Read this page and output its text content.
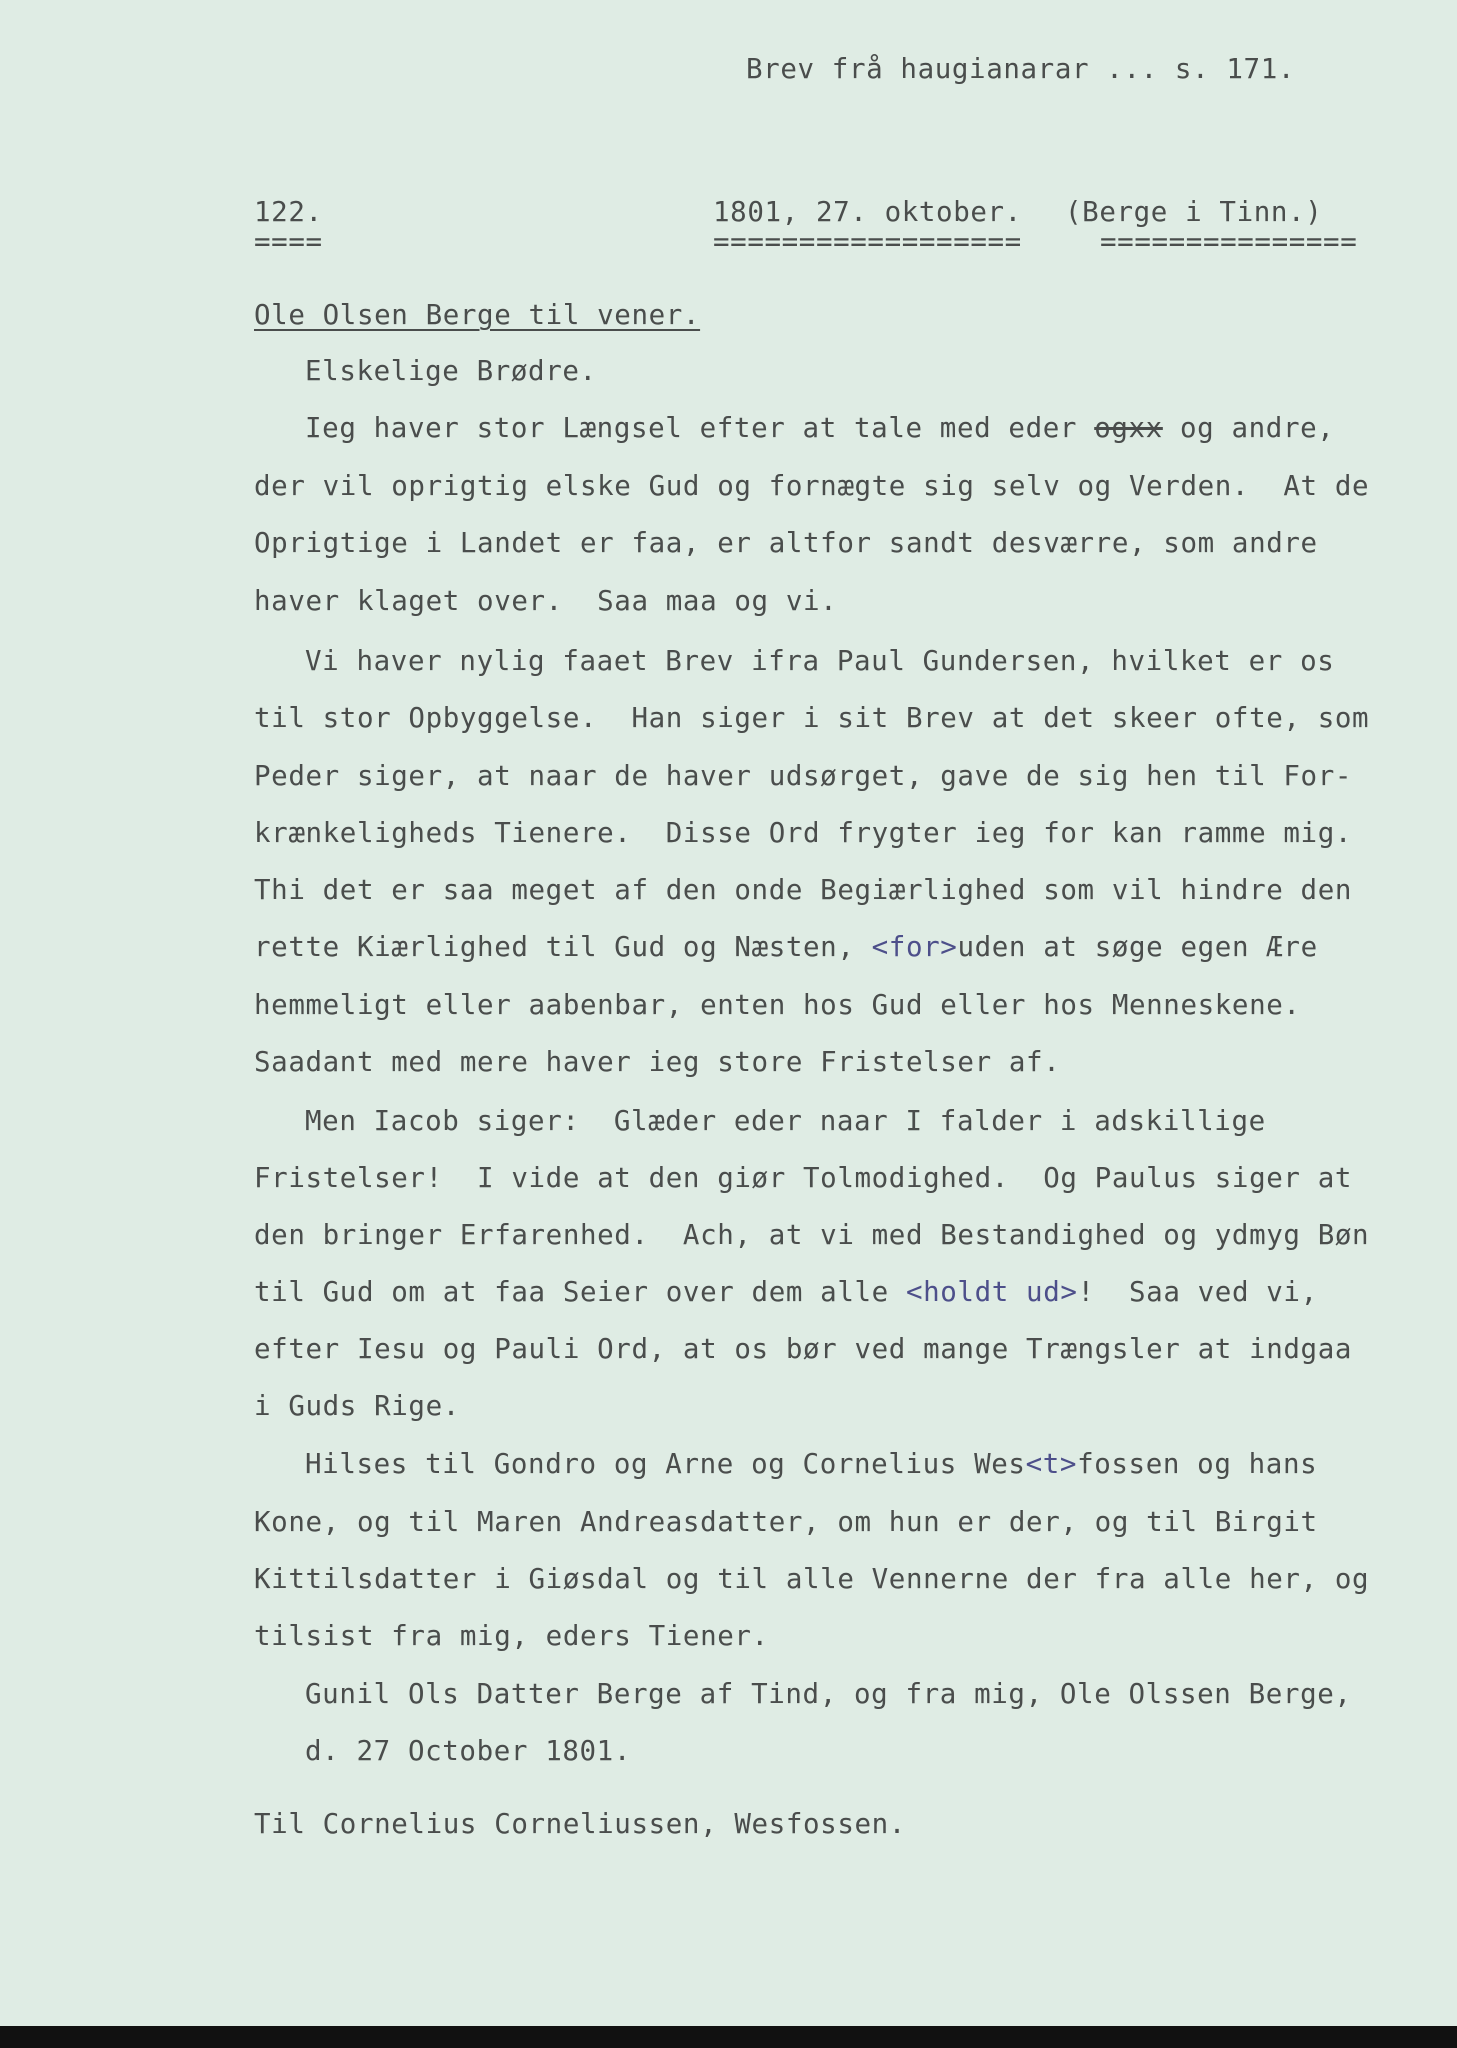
Brev frå haugianarar ... s. 171.
122.
====
1801, 27. oktober.
==================
(Berge i Tinn.)
===============
Ole Olsen Berge til vener.
Elskelige Brødre.
Ieg haver stor Længsel efter at tale med eder ogxx og andre,
der vil oprigtig elske Gud og fornægte sig selv og Verden.  At de
Oprigtige i Landet er faa, er altfor sandt desværre, som andre
haver klaget over.  Saa maa og vi.
Vi haver nylig faaet Brev ifra Paul Gundersen, hvilket er os
til stor Opbyggelse.  Han siger i sit Brev at det skeer ofte, som
Peder siger, at naar de haver udsørget, gave de sig hen til For-
krænkeligheds Tienere.  Disse Ord frygter ieg for kan ramme mig.
Thi det er saa meget af den onde Begiærlighed som vil hindre den
rette Kiærlighed til Gud og Næsten, <for>uden at søge egen Ære
hemmeligt eller aabenbar, enten hos Gud eller hos Menneskene.
Saadant med mere haver ieg store Fristelser af.
Men Iacob siger:  Glæder eder naar I falder i adskillige
Fristelser!  I vide at den giør Tolmodighed.  Og Paulus siger at
den bringer Erfarenhed.  Ach, at vi med Bestandighed og ydmyg Bøn
til Gud om at faa Seier over dem alle <holdt ud>!  Saa ved vi,
efter Iesu og Pauli Ord, at os bør ved mange Trængsler at indgaa
i Guds Rige.
Hilses til Gondro og Arne og Cornelius Wes<t>fossen og hans
Kone, og til Maren Andreasdatter, om hun er der, og til Birgit
Kittilsdatter i Giøsdal og til alle Vennerne der fra alle her, og
tilsist fra mig, eders Tiener.
Gunil Ols Datter Berge af Tind, og fra mig, Ole Olssen Berge,
d. 27 October 1801.
Til Cornelius Corneliussen, Wesfossen.
